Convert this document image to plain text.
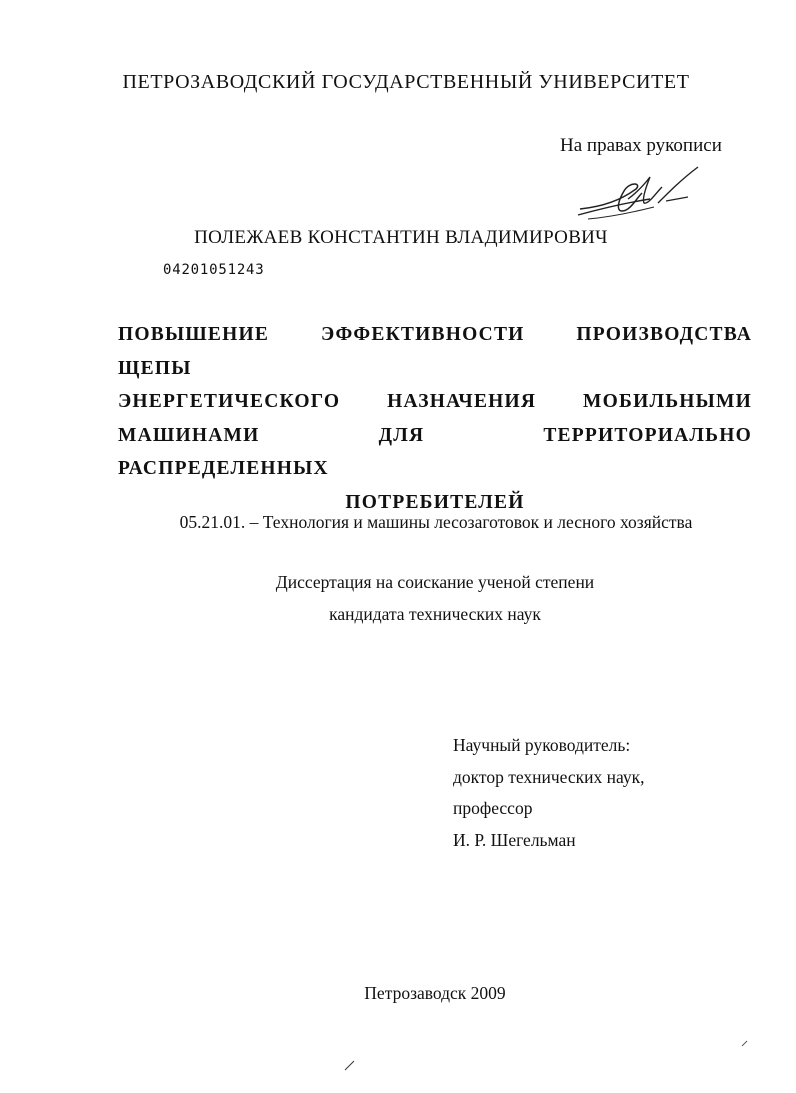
ПЕТРОЗАВОДСКИЙ ГОСУДАРСТВЕННЫЙ УНИВЕРСИТЕТ
На правах рукописи
ПОЛЕЖАЕВ КОНСТАНТИН ВЛАДИМИРОВИЧ
04201051243
ПОВЫШЕНИЕ ЭФФЕКТИВНОСТИ ПРОИЗВОДСТВА ЩЕПЫ
ЭНЕРГЕТИЧЕСКОГО НАЗНАЧЕНИЯ МОБИЛЬНЫМИ
МАШИНАМИ ДЛЯ ТЕРРИТОРИАЛЬНО РАСПРЕДЕЛЕННЫХ
ПОТРЕБИТЕЛЕЙ
05.21.01. – Технология и машины лесозаготовок и лесного хозяйства
Диссертация на соискание ученой степени
кандидата технических наук
Научный руководитель:
доктор технических наук,
профессор
И. Р. Шегельман
Петрозаводск 2009
